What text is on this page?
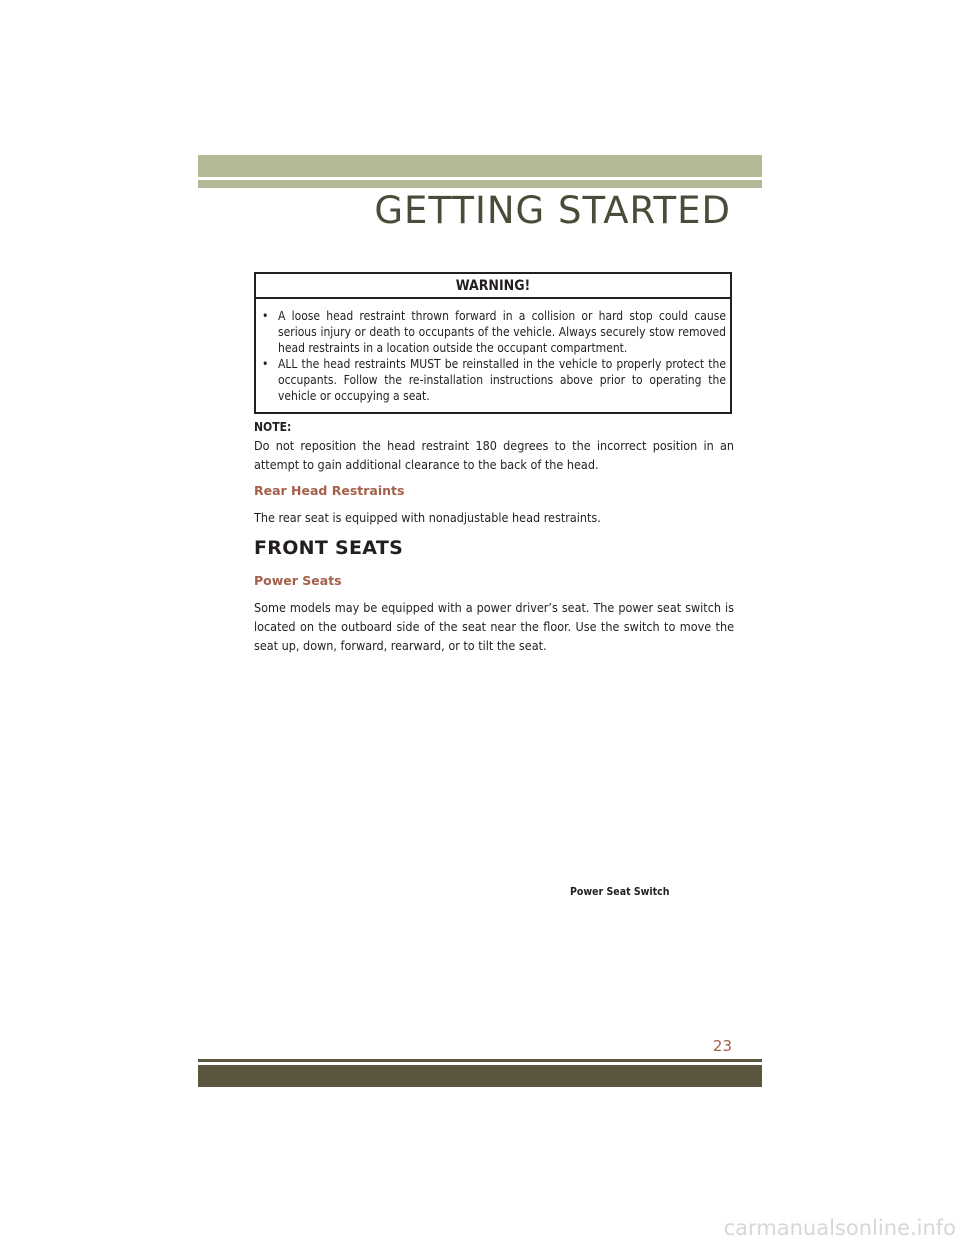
GETTING STARTED
WARNING!
• A loose head restraint thrown forward in a collision or hard stop could cause serious injury or death to occupants of the vehicle. Always securely stow removed head restraints in a location outside the occupant compartment.
• ALL the head restraints MUST be reinstalled in the vehicle to properly protect the occupants. Follow the re-installation instructions above prior to operating the vehicle or occupying a seat.
NOTE:

Do not reposition the head restraint 180 degrees to the incorrect position in an attempt to gain additional clearance to the back of the head.

Rear Head Restraints

The rear seat is equipped with nonadjustable head restraints.

FRONT SEATS
Power Seats

Some models may be equipped with a power driver’s seat. The power seat switch is located on the outboard side of the seat near the floor. Use the switch to move the seat up, down, forward, rearward, or to tilt the seat.

Power Seat Switch
23
carmanualsonline.info
